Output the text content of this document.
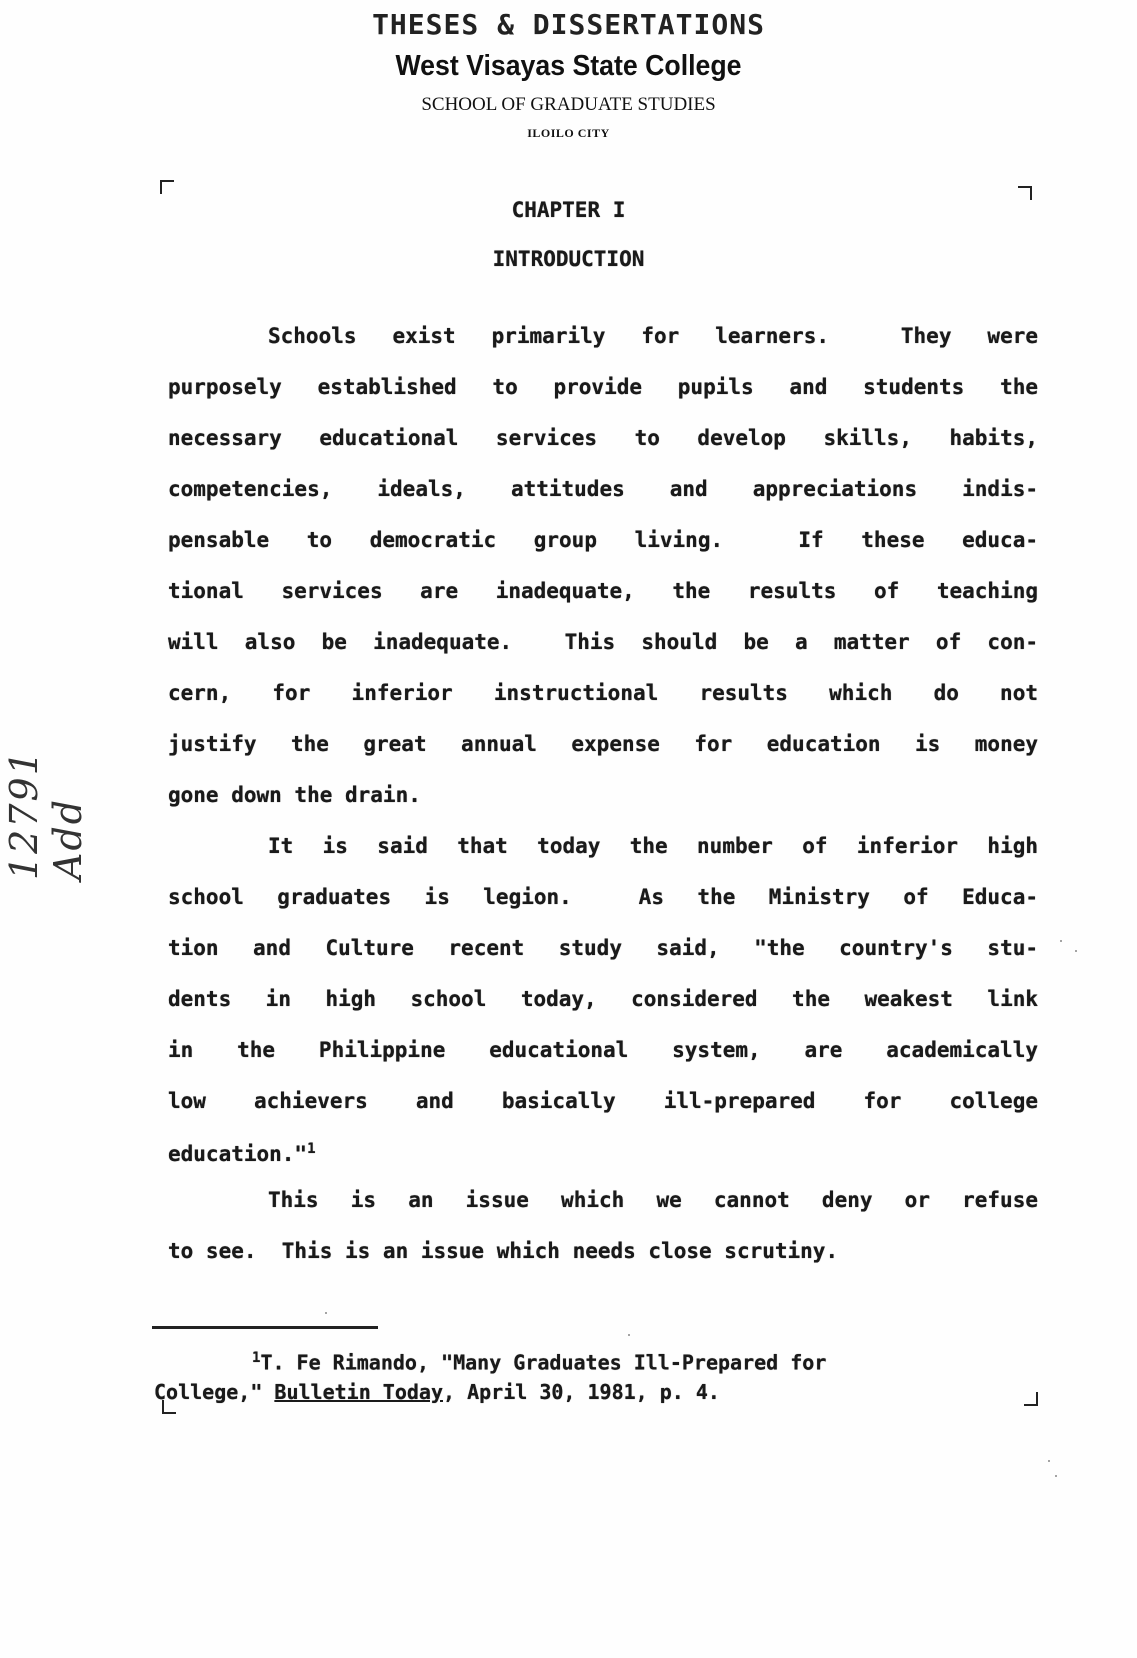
THESES & DISSERTATIONS
West Visayas State College
SCHOOL OF GRADUATE STUDIES
ILOILO CITY
CHAPTER I
INTRODUCTION
Schools exist primarily for learners.  They were
purposely established to provide pupils and students the
necessary educational services to develop skills, habits,
competencies, ideals, attitudes and appreciations indis-
pensable to democratic group living.  If these educa-
tional services are inadequate, the results of teaching
will also be inadequate.  This should be a matter of con-
cern, for inferior instructional results which do not
justify the great annual expense for education is money
gone down the drain.
It is said that today the number of inferior high
school graduates is legion.  As the Ministry of Educa-
tion and Culture recent study said, "the country's stu-
dents in high school today, considered the weakest link
in the Philippine educational system, are academically
low achievers and basically ill-prepared for college
education."$^1$
This is an issue which we cannot deny or refuse
to see.  This is an issue which needs close scrutiny.
$^1$T. Fe Rimando, "Many Graduates Ill-Prepared for
College," Bulletin Today, April 30, 1981, p. 4.
12791 Add
